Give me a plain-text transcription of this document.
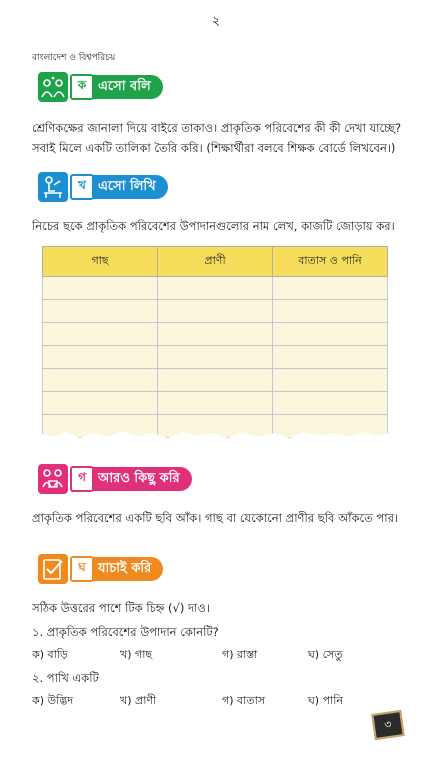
২
বাংলাদেশ ও বিশ্বপরিচয়
ক এসো বলি
শ্রেণিকক্ষের জানালা দিয়ে বাইরে তাকাও। প্রাকৃতিক পরিবেশের কী কী দেখা যাচ্ছে?
সবাই মিলে একটি তালিকা তৈরি করি। (শিক্ষার্থীরা বলবে শিক্ষক বোর্ডে লিখবেন।)
খ এসো লিখি
নিচের ছকে প্রাকৃতিক পরিবেশের উপাদানগুলোর নাম লেখ, কাজটি জোড়ায় কর।
গাছ	প্রাণী	বাতাস ও পানি

গ আরও কিছু করি
প্রাকৃতিক পরিবেশের একটি ছবি আঁক। গাছ বা যেকোনো প্রাণীর ছবি আঁকতে পার।
ঘ যাচাই করি
সঠিক উত্তরের পাশে টিক চিহ্ন (√) দাও।
১. প্রাকৃতিক পরিবেশের উপাদান কোনটি?
ক) বাড়ি	খ) গাছ	গ) রাস্তা	ঘ) সেতু
২. পাখি একটি
ক) উদ্ভিদ	খ) প্রাণী	গ) বাতাস	ঘ) পানি
৩
